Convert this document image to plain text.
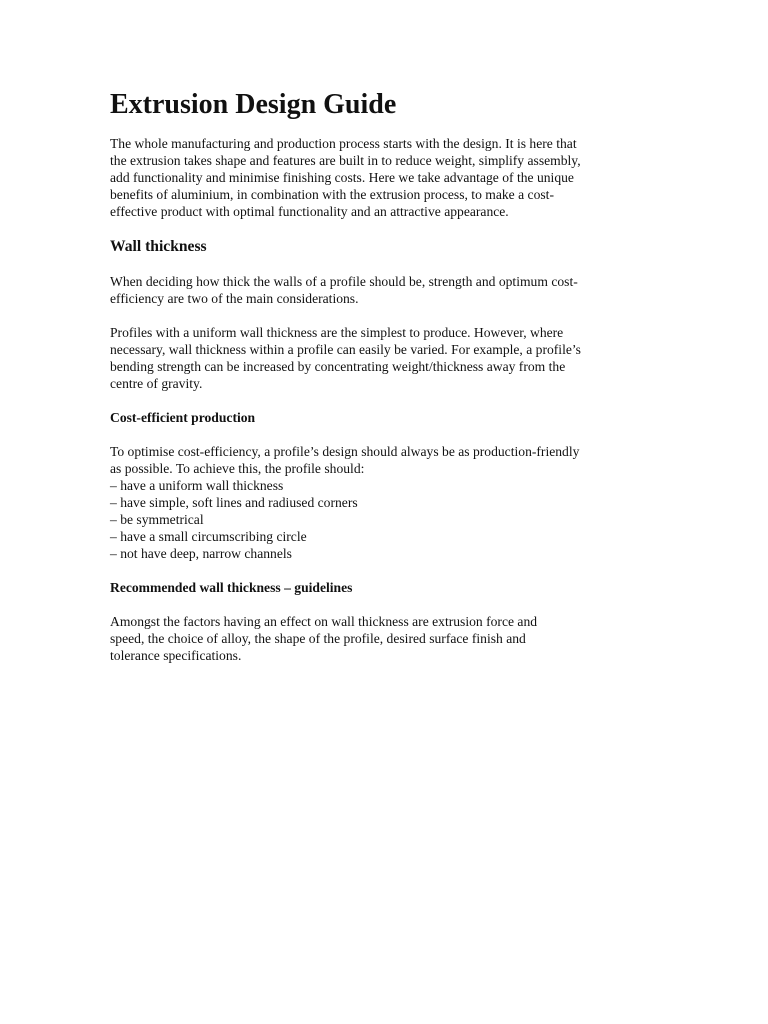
Extrusion Design Guide

The whole manufacturing and production process starts with the design. It is here that
the extrusion takes shape and features are built in to reduce weight, simplify assembly,
add functionality and minimise finishing costs. Here we take advantage of the unique
benefits of aluminium, in combination with the extrusion process, to make a cost-
effective product with optimal functionality and an attractive appearance.

Wall thickness

When deciding how thick the walls of a profile should be, strength and optimum cost-
efficiency are two of the main considerations.

Profiles with a uniform wall thickness are the simplest to produce. However, where
necessary, wall thickness within a profile can easily be varied. For example, a profile’s
bending strength can be increased by concentrating weight/thickness away from the
centre of gravity.

Cost-efficient production

To optimise cost-efficiency, a profile’s design should always be as production-friendly
as possible. To achieve this, the profile should:

– have a uniform wall thickness
– have simple, soft lines and radiused corners
– be symmetrical
– have a small circumscribing circle
– not have deep, narrow channels
Recommended wall thickness – guidelines

Amongst the factors having an effect on wall thickness are extrusion force and
speed, the choice of alloy, the shape of the profile, desired surface finish and
tolerance specifications.
